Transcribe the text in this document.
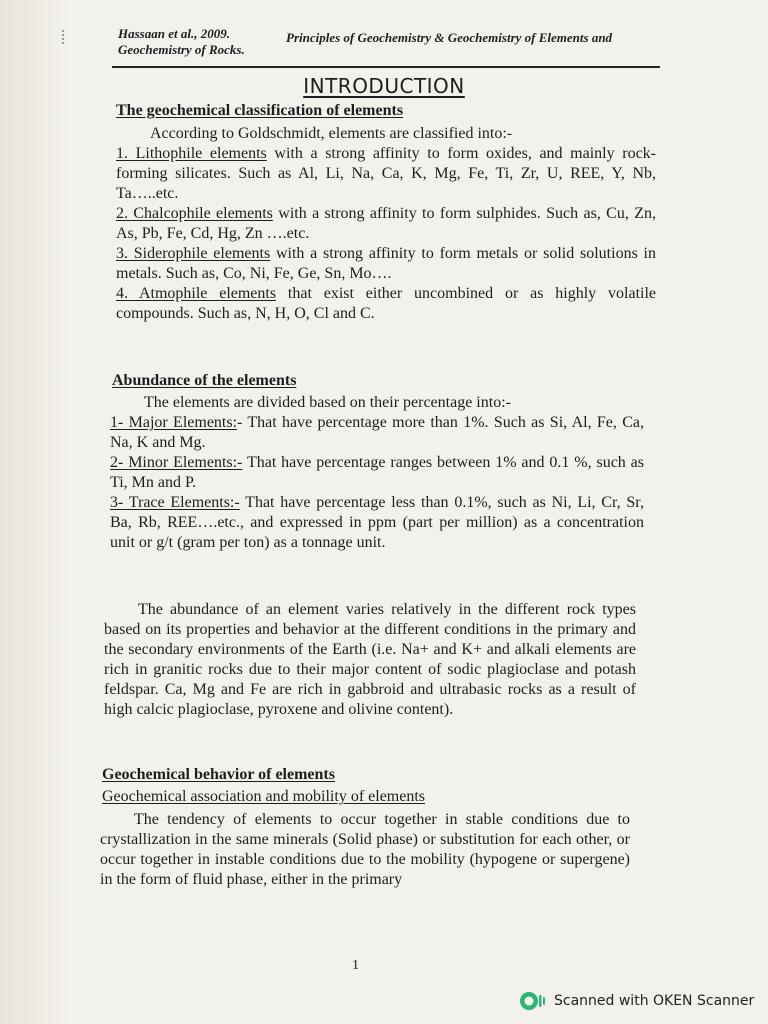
Hassaan et al., 2009.
Geochemistry of Rocks.
Principles of Geochemistry & Geochemistry of Elements and
INTRODUCTION
The geochemical classification of elements

According to Goldschmidt, elements are classified into:-

1. Lithophile elements with a strong affinity to form oxides, and mainly rock-forming silicates. Such as Al, Li, Na, Ca, K, Mg, Fe, Ti, Zr, U, REE, Y, Nb, Ta…..etc.

2. Chalcophile elements with a strong affinity to form sulphides. Such as, Cu, Zn, As, Pb, Fe, Cd, Hg, Zn ….etc.

3. Siderophile elements with a strong affinity to form metals or solid solutions in metals. Such as, Co, Ni, Fe, Ge, Sn, Mo….

4. Atmophile elements that exist either uncombined or as highly volatile compounds. Such as, N, H, O, Cl and C.

Abundance of the elements

The elements are divided based on their percentage into:-

1- Major Elements:- That have percentage more than 1%. Such as Si, Al, Fe, Ca, Na, K and Mg.

2- Minor Elements:- That have percentage ranges between 1% and 0.1 %, such as Ti, Mn and P.

3- Trace Elements:- That have percentage less than 0.1%, such as Ni, Li, Cr, Sr, Ba, Rb, REE….etc., and expressed in ppm (part per million) as a concentration unit or g/t (gram per ton) as a tonnage unit.

The abundance of an element varies relatively in the different rock types based on its properties and behavior at the different conditions in the primary and the secondary environments of the Earth (i.e. Na+ and K+ and alkali elements are rich in granitic rocks due to their major content of sodic plagioclase and potash feldspar. Ca, Mg and Fe are rich in gabbroid and ultrabasic rocks as a result of high calcic plagioclase, pyroxene and olivine content).

Geochemical behavior of elements
Geochemical association and mobility of elements

The tendency of elements to occur together in stable conditions due to crystallization in the same minerals (Solid phase) or substitution for each other, or occur together in instable conditions due to the mobility (hypogene or supergene) in the form of fluid phase, either in the primary

1
Scanned with OKEN Scanner
